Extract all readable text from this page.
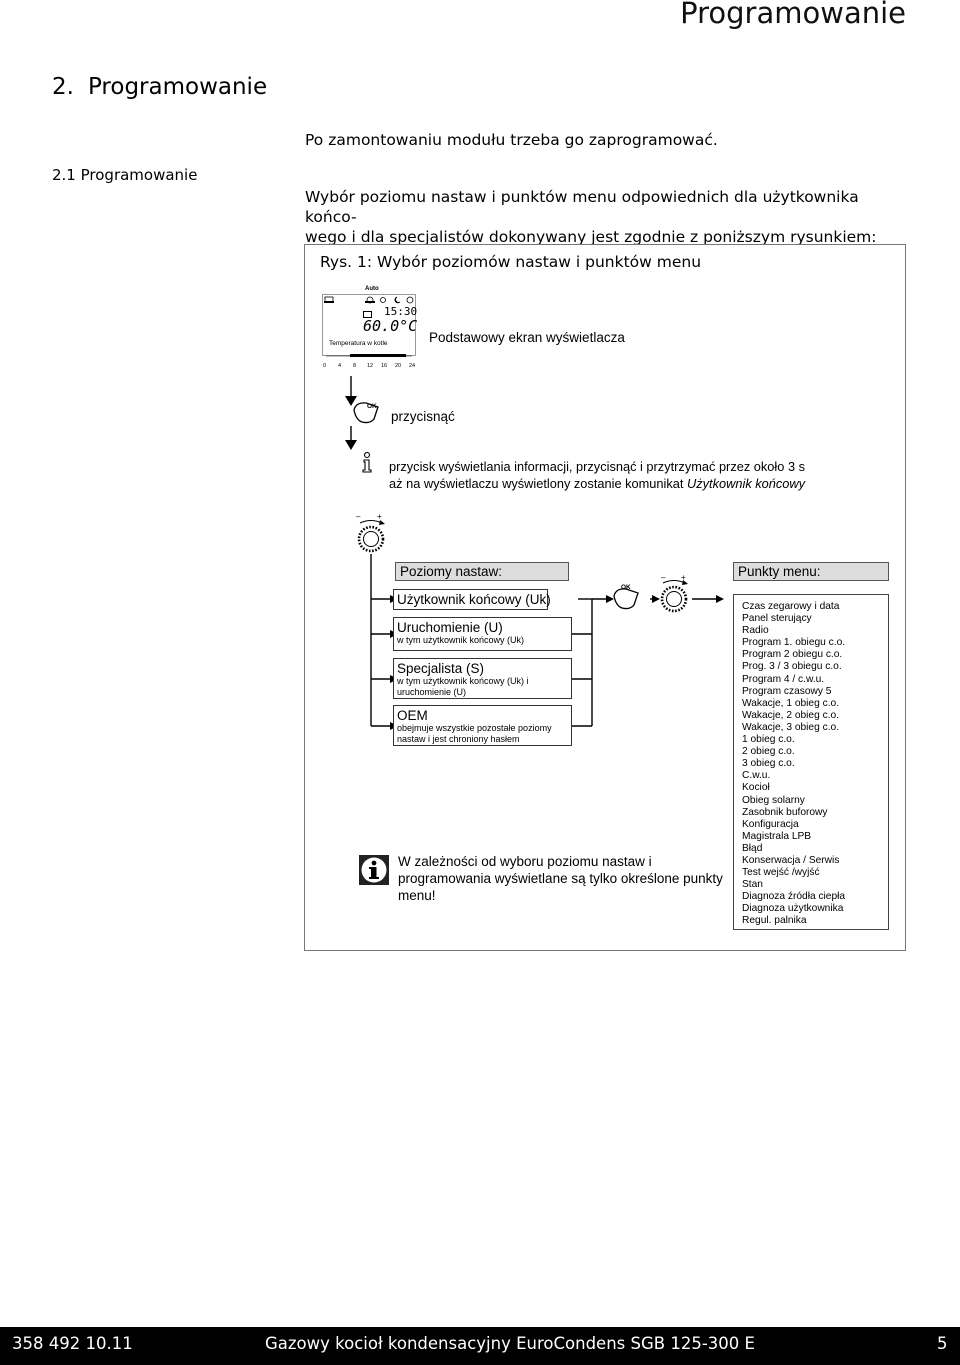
Programowanie
2. Programowanie
2.1 Programowanie
Po zamontowaniu modułu trzeba go zaprogramować.
Wybór poziomu nastaw i punktów menu odpowiednich dla użytkownika końco-
wego i dla specjalistów dokonywany jest zgodnie z poniższym rysunkiem:
Rys. 1: Wybór poziomów nastaw i punktów menu
Auto
15:30
60.0°C
Temperatura w kotle
0 4 8 12 16 20 24
Podstawowy ekran wyświetlacza
OK
przycisnąć
przycisk wyświetlania informacji, przycisnąć i przytrzymać przez około 3 s
aż na wyświetlaczu wyświetlony zostanie komunikat Użytkownik końcowy
– +
OK
– +
Poziomy nastaw:	Punkty menu:
Użytkownik końcowy (Uk)
Uruchomienie (U)
w tym użytkownik końcowy (Uk)
Specjalista (S)
w tym użytkownik końcowy (Uk) i uruchomienie (U)
OEM
obejmuje wszystkie pozostałe poziomy nastaw i jest chroniony hasłem
Czas zegarowy i data
Panel sterujący
Radio
Program 1. obiegu c.o.
Program 2 obiegu c.o.
Prog. 3 / 3 obiegu c.o.
Program 4 / c.w.u.
Program czasowy 5
Wakacje, 1 obieg c.o.
Wakacje, 2 obieg c.o.
Wakacje, 3 obieg c.o.
1 obieg c.o.
2 obieg c.o.
3 obieg c.o.
C.w.u.
Kocioł
Obieg solarny
Zasobnik buforowy
Konfiguracja
Magistrala LPB
Błąd
Konserwacja / Serwis
Test wejść /wyjść
Stan
Diagnoza źródła ciepła
Diagnoza użytkownika
Regul. palnika
W zależności od wyboru poziomu nastaw i
programowania wyświetlane są tylko określone punkty
menu!
358 492 10.11	Gazowy kocioł kondensacyjny EuroCondens SGB 125-300 E	5
